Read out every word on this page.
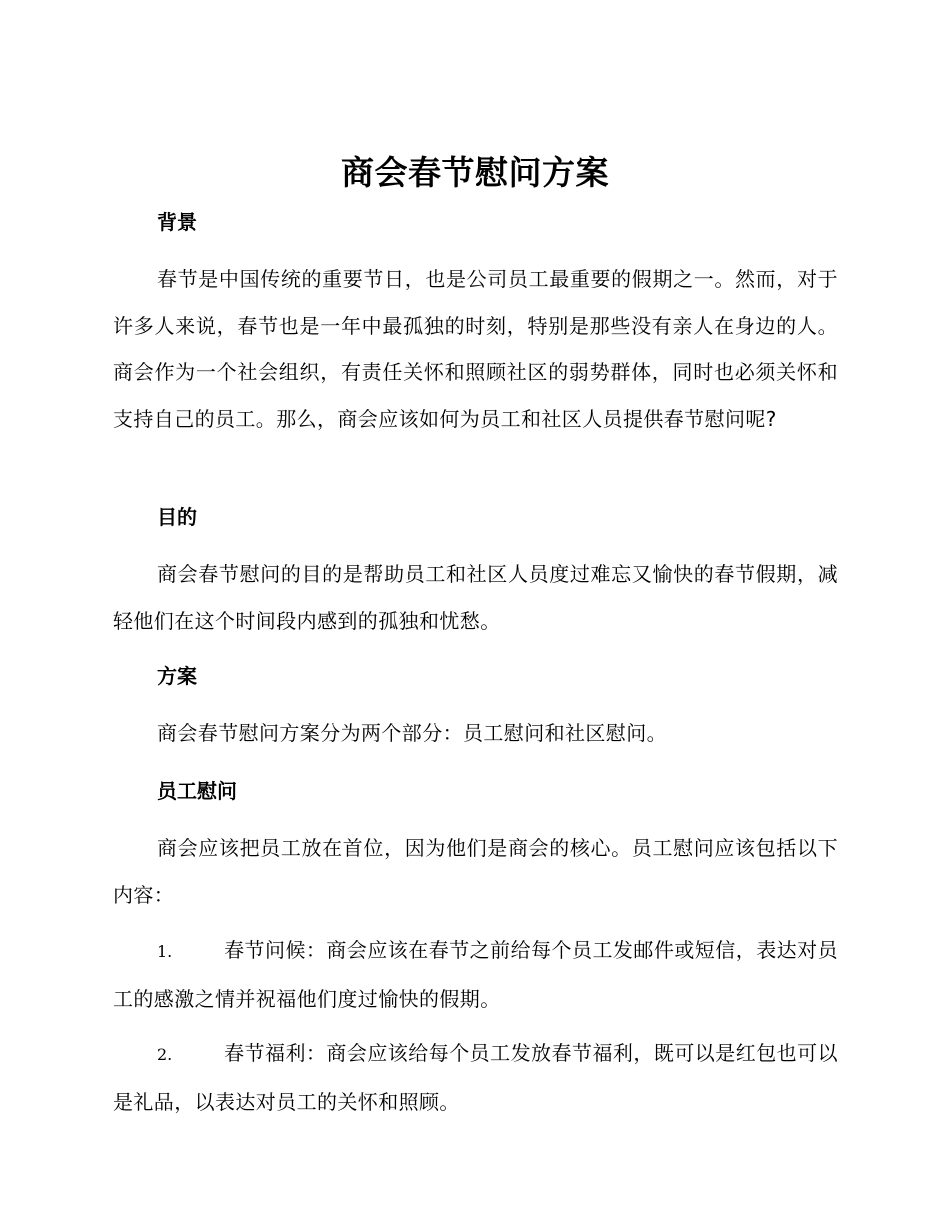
商会春节慰问方案
背景
春节是中国传统的重要节日，也是公司员工最重要的假期之一。然而，对于许多人来说，春节也是一年中最孤独的时刻，特别是那些没有亲人在身边的人。商会作为一个社会组织，有责任关怀和照顾社区的弱势群体，同时也必须关怀和支持自己的员工。那么，商会应该如何为员工和社区人员提供春节慰问呢?
目的
商会春节慰问的目的是帮助员工和社区人员度过难忘又愉快的春节假期，减轻他们在这个时间段内感到的孤独和忧愁。
方案
商会春节慰问方案分为两个部分：员工慰问和社区慰问。
员工慰问
商会应该把员工放在首位，因为他们是商会的核心。员工慰问应该包括以下内容：
1.	春节问候：商会应该在春节之前给每个员工发邮件或短信，表达对员工的感激之情并祝福他们度过愉快的假期。
2.	春节福利：商会应该给每个员工发放春节福利，既可以是红包也可以是礼品，以表达对员工的关怀和照顾。
